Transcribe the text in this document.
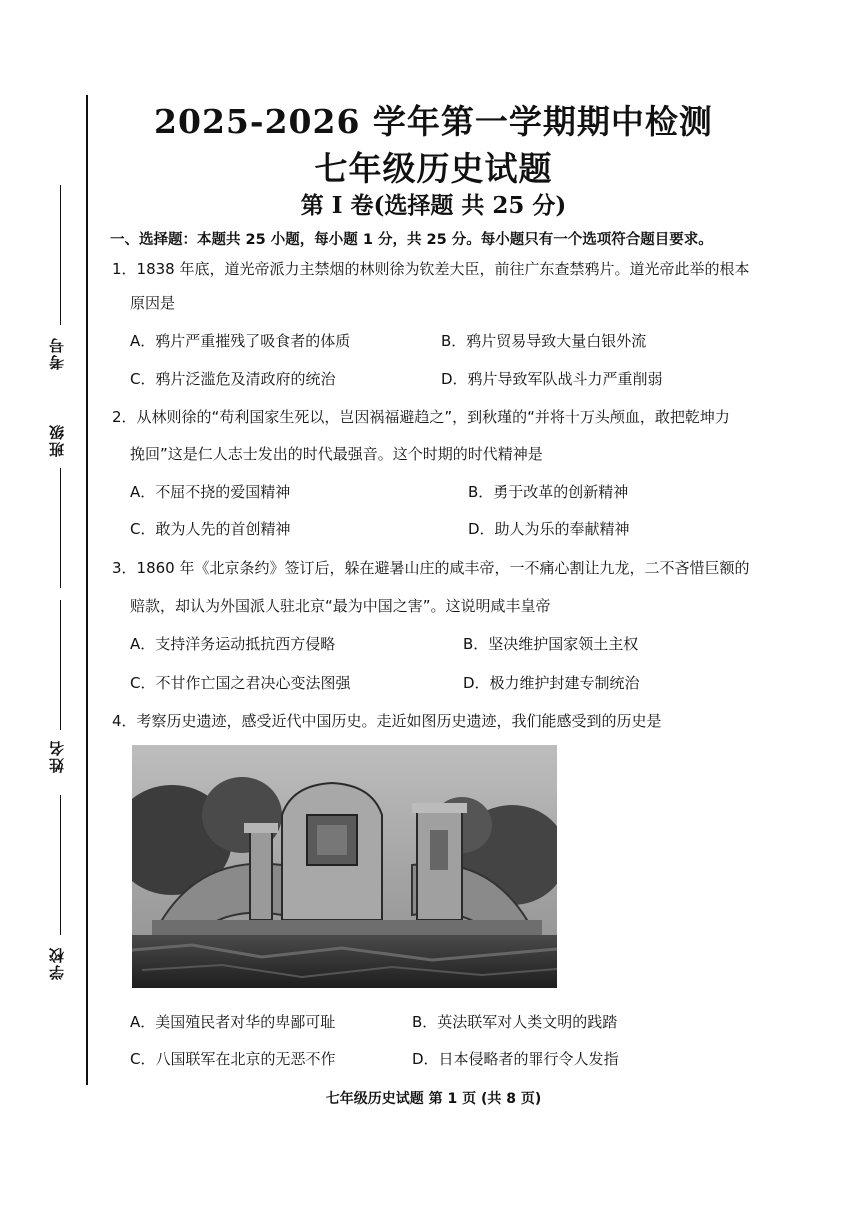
考号
班级
姓名
学校
2025-2026 学年第一学期期中检测
七年级历史试题
第 I 卷(选择题 共 25 分)
一、选择题：本题共 25 小题，每小题 1 分，共 25 分。每小题只有一个选项符合题目要求。
1．1838 年底，道光帝派力主禁烟的林则徐为钦差大臣，前往广东查禁鸦片。道光帝此举的根本
原因是
A．鸦片严重摧残了吸食者的体质	B．鸦片贸易导致大量白银外流
C．鸦片泛滥危及清政府的统治	D．鸦片导致军队战斗力严重削弱
2．从林则徐的“苟利国家生死以，岂因祸福避趋之”，到秋瑾的“并将十万头颅血，敢把乾坤力
挽回”这是仁人志士发出的时代最强音。这个时期的时代精神是
A．不屈不挠的爱国精神	B．勇于改革的创新精神
C．敢为人先的首创精神	D．助人为乐的奉献精神
3．1860 年《北京条约》签订后，躲在避暑山庄的咸丰帝，一不痛心割让九龙，二不吝惜巨额的
赔款，却认为外国派人驻北京“最为中国之害”。这说明咸丰皇帝
A．支持洋务运动抵抗西方侵略	B．坚决维护国家领土主权
C．不甘作亡国之君决心变法图强	D．极力维护封建专制统治
4．考察历史遗迹，感受近代中国历史。走近如图历史遗迹，我们能感受到的历史是
A．美国殖民者对华的卑鄙可耻	B．英法联军对人类文明的践踏
C．八国联军在北京的无恶不作	D．日本侵略者的罪行令人发指
七年级历史试题 第 1 页 (共 8 页)
